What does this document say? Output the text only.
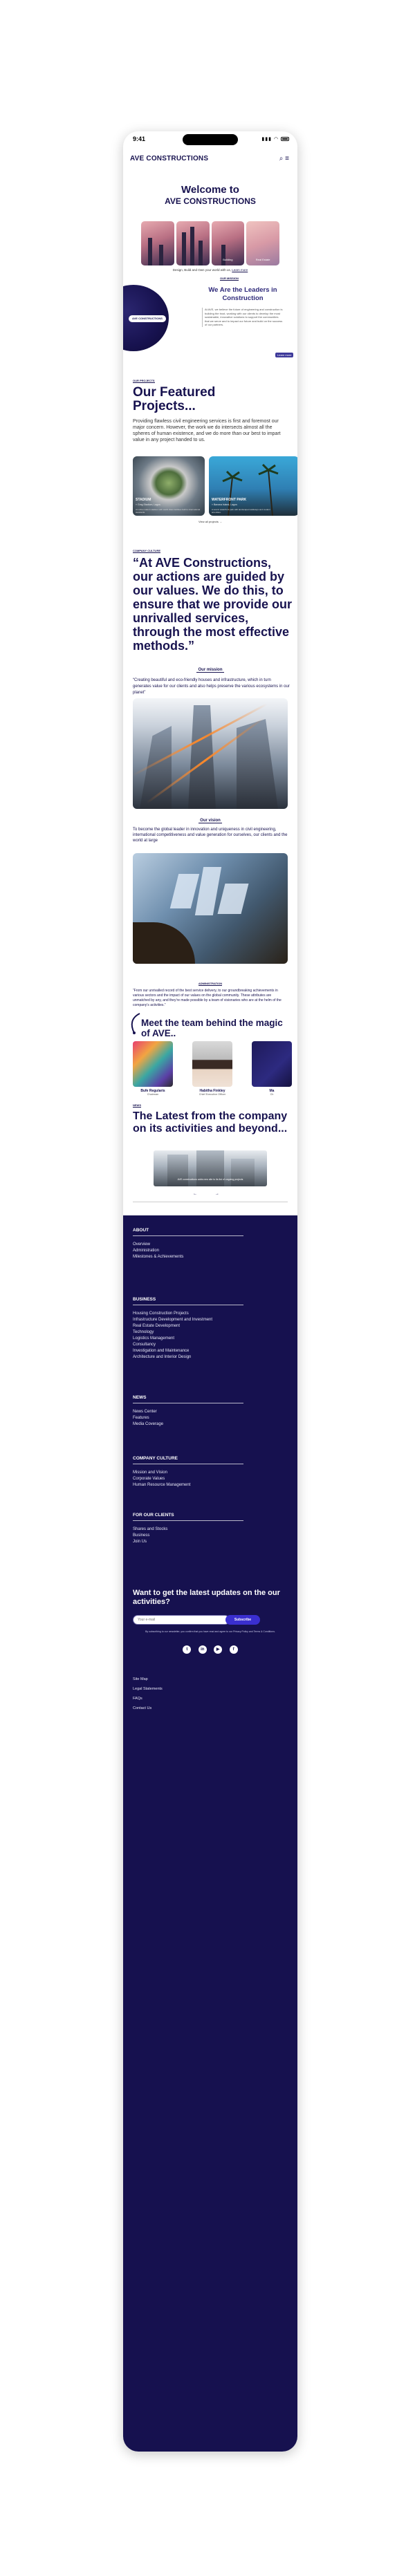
9:41	▮▮▮ ◠
AVE CONSTRUCTIONS	⌕ ≡
Welcome to
AVE CONSTRUCTIONS
Building	Real Estate
Design, Build and Own your world with us, Learn more
AVE CONSTRUCTIONS
OUR MISSION
We Are the Leaders in Construction
At AVE, we believe the future of engineering and construction is building the trust, working with our clients to develop the most sustainable, innovative solutions to support the communities that we serve and to impact our future and build on the success of our partners.
Learn more
OUR PROJECTS
Our Featured Projects...
Providing flawless civil engineering services is first and foremost our major concern. However, the work we do intersects almost all the spheres of human existence, and we do more than our best to impart value in any project handed to us.
STADIUM
⌖ Gmg Stadium, Lagos
An ultra-modern stadium with world class facilities built to international standards.
WATERFRONT PARK
⌖ Banana Island, Lagos
A scenic waterfront park with landscaped walkways and modern amenities.
View all projects →
COMPANY CULTURE
“At AVE Constructions, our actions are guided by our values. We do this, to ensure that we provide our unrivalled services, through the most effective methods.”
Our mission
“Creating beautiful and eco-friendly houses and infrastructure, which in turn generates value for our clients and also helps preserve the various ecosystems in our planet”
Our vision
To become the global leader in innovation and uniqueness in civil engineering, international competitiveness and value generation for ourselves, our clients and the world at large
ADMINISTRATION
“From our unrivalled record of the best service delivery, to our groundbreaking achievements in various sectors and the impact of our values on the global community. These attributes are unmatched by any, and they’re made possible by a team of visionaries who are at the helm of the company’s activities.”
Meet the team behind the magic of AVE..
Bufe Regularis
Chairman
Habitha Finkley
Chief Executive Officer
Ma
Ch
NEWS
The Latest from the company on its activities and beyond...
AVE constructions adds new site to its list of ongoing projects
← →
ABOUT
Overview
Administration
Milestones & Achievements
BUSINESS
Housing Construction Projects
Infrastructure Development and Investment
Real Estate Development
Technology
Logistics Management
Consultancy
Investigation and Maintenance
Architecture and Interior Design
NEWS
News Center
Features
Media Coverage
COMPANY CULTURE
Mission and Vision
Corporate Values
Human Resource Management
FOR OUR CLIENTS
Shares and Stocks
Business
Join Us
Want to get the latest updates on the our activities?
Your e-mail
Subscribe
By subscribing to our newsletter, you confirm that you have read and agree to our Privacy Policy and Terms & Conditions.
t	in	▶	f
Site Map
Legal Statements
FAQs
Contact Us
